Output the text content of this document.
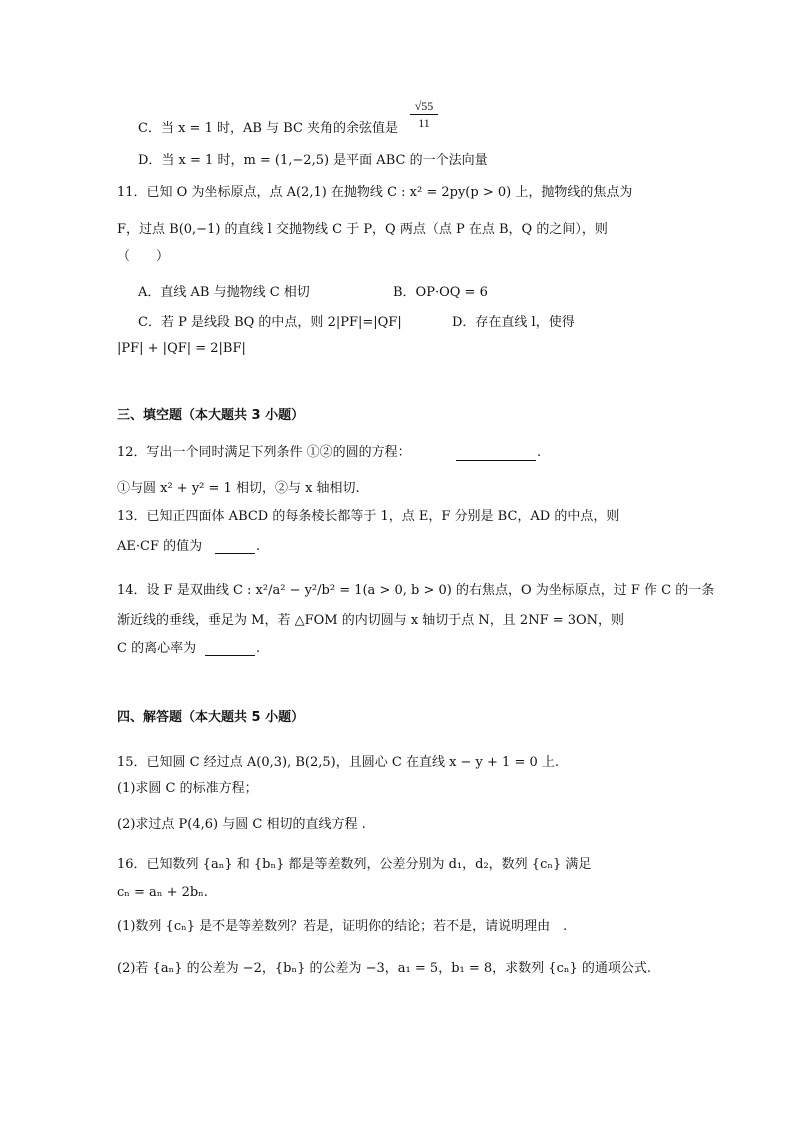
C．当 x = 1 时，AB 与 BC 夹角的余弦值是 $\frac{√55}{11}$
D．当 x = 1 时，m = (1,−2,5) 是平面 ABC 的一个法向量
11．已知 O 为坐标原点，点 A(2,1) 在抛物线 C : x² = 2py(p > 0) 上，抛物线的焦点为
F，过点 B(0,−1) 的直线 l 交抛物线 C 于 P，Q 两点（点 P 在点 B，Q 的之间），则
（　　）
A．直线 AB 与抛物线 C 相切	B．OP·OQ = 6
C．若 P 是线段 BQ 的中点，则 2|PF|=|QF|	D．存在直线 l，使得
|PF| + |QF| = 2|BF|
三、填空题（本大题共 3 小题）
12．写出一个同时满足下列条件 ①②的圆的方程：	.
①与圆 x² + y² = 1 相切，②与 x 轴相切.
13．已知正四面体 ABCD 的每条棱长都等于 1，点 E，F 分别是 BC，AD 的中点，则
AE·CF 的值为	.
14．设 F 是双曲线 C : x²/a² − y²/b² = 1(a > 0, b > 0) 的右焦点，O 为坐标原点，过 F 作 C 的一条
渐近线的垂线，垂足为 M，若 △FOM 的内切圆与 x 轴切于点 N，且 2NF = 3ON，则
C 的离心率为	.
四、解答题（本大题共 5 小题）
15．已知圆 C 经过点 A(0,3), B(2,5)，且圆心 C 在直线 x − y + 1 = 0 上.
(1)求圆 C 的标准方程；
(2)求过点 P(4,6) 与圆 C 相切的直线方程 .
16．已知数列 {aₙ} 和 {bₙ} 都是等差数列，公差分别为 d₁，d₂，数列 {cₙ} 满足
cₙ = aₙ + 2bₙ.
(1)数列 {cₙ} 是不是等差数列？若是，证明你的结论；若不是，请说明理由　.
(2)若 {aₙ} 的公差为 −2，{bₙ} 的公差为 −3，a₁ = 5，b₁ = 8，求数列 {cₙ} 的通项公式.
